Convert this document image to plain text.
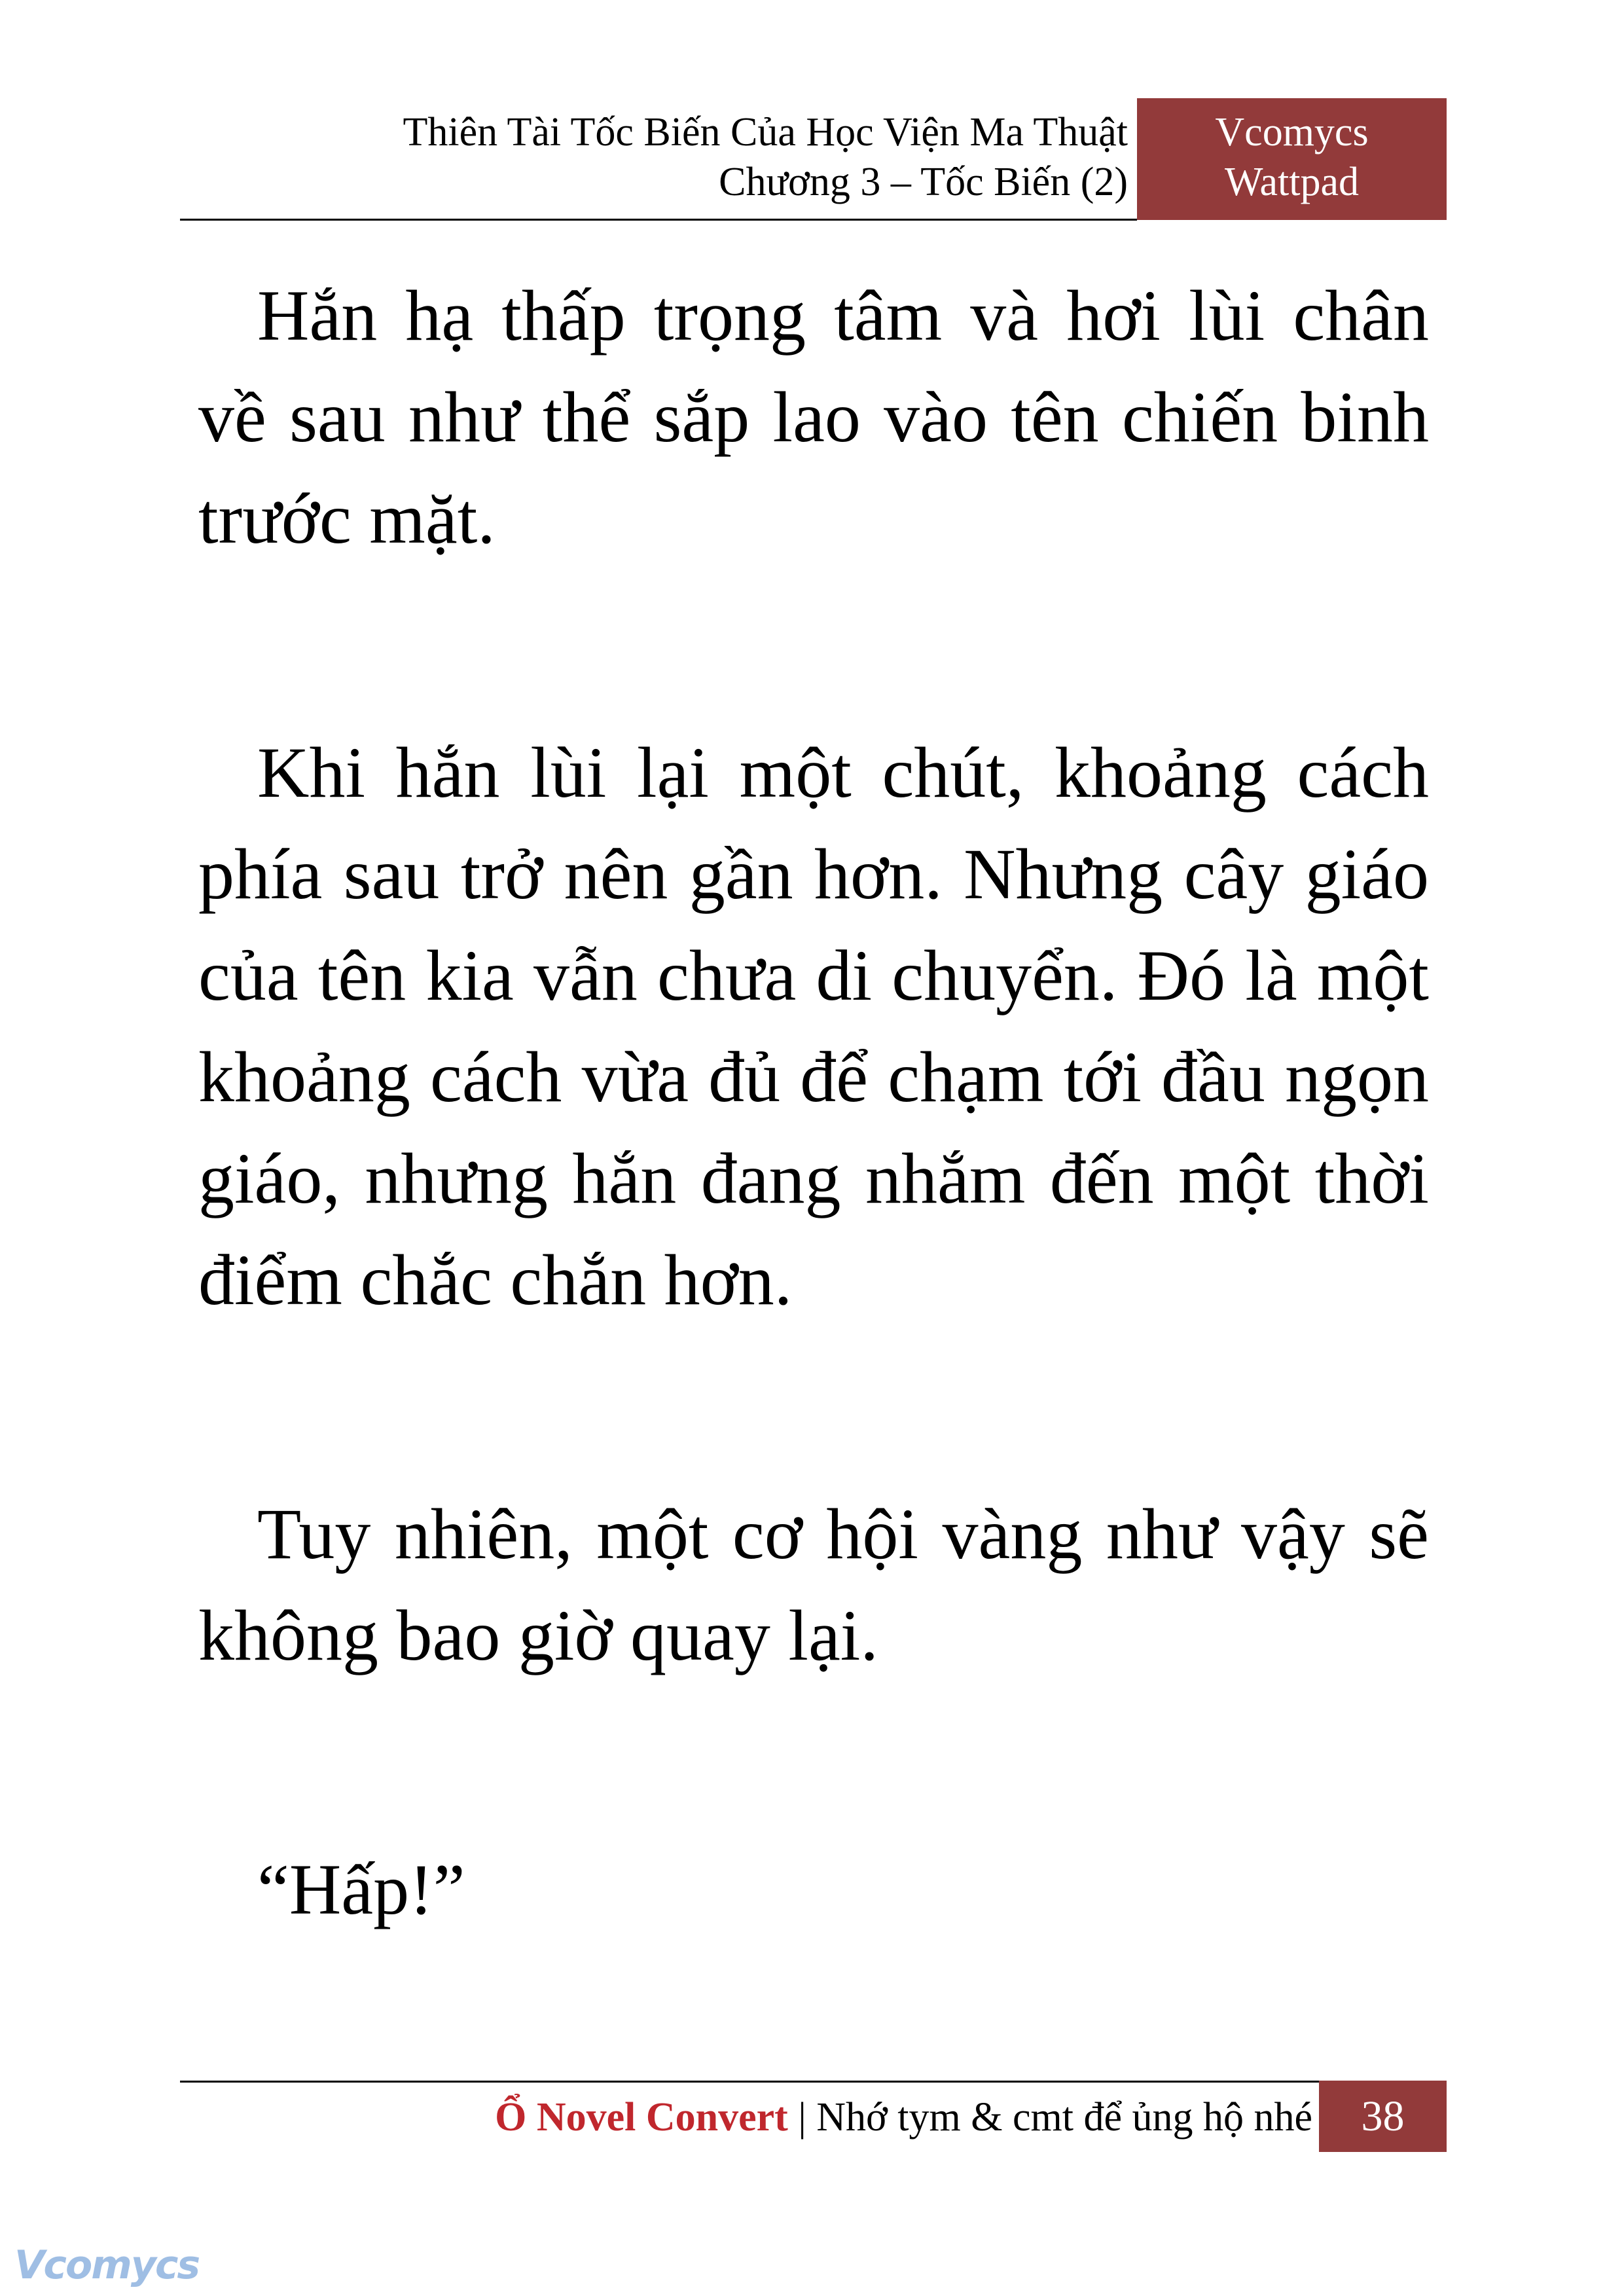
Thiên Tài Tốc Biến Của Học Viện Ma Thuật
Chương 3 – Tốc Biến (2)
Vcomycs
Wattpad

Hắn hạ thấp trọng tâm và hơi lùi chân về sau như thể sắp lao vào tên chiến binh trước mặt.

Khi hắn lùi lại một chút, khoảng cách phía sau trở nên gần hơn. Nhưng cây giáo của tên kia vẫn chưa di chuyển. Đó là một khoảng cách vừa đủ để chạm tới đầu ngọn giáo, nhưng hắn đang nhắm đến một thời điểm chắc chắn hơn.

Tuy nhiên, một cơ hội vàng như vậy sẽ không bao giờ quay lại.

“Hấp!”

Ổ Novel Convert | Nhớ tym & cmt để ủng hộ nhé	38
Vcomycs
